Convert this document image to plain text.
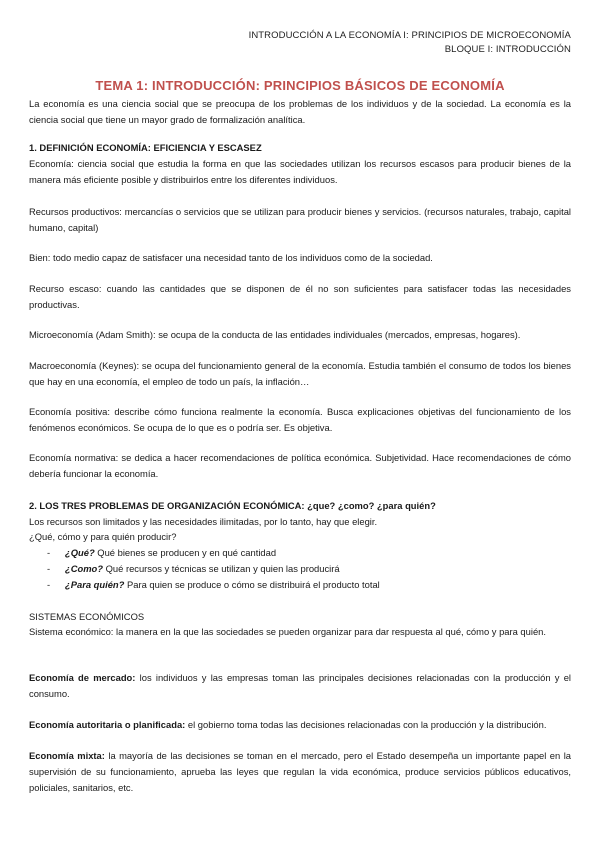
INTRODUCCIÓN A LA ECONOMÍA I: PRINCIPIOS DE MICROECONOMÍA
BLOQUE I: INTRODUCCIÓN
TEMA 1: INTRODUCCIÓN: PRINCIPIOS BÁSICOS DE ECONOMÍA

La economía es una ciencia social que se preocupa de los problemas de los individuos y de la sociedad. La economía es la ciencia social que tiene un mayor grado de formalización analítica.

1. DEFINICIÓN ECONOMÍA: EFICIENCIA Y ESCASEZ

Economía: ciencia social que estudia la forma en que las sociedades utilizan los recursos escasos para producir bienes de la manera más eficiente posible y distribuirlos entre los diferentes individuos.

Recursos productivos: mercancías o servicios que se utilizan para producir bienes y servicios. (recursos naturales, trabajo, capital humano, capital)

Bien: todo medio capaz de satisfacer una necesidad tanto de los individuos como de la sociedad.

Recurso escaso: cuando las cantidades que se disponen de él no son suficientes para satisfacer todas las necesidades productivas.

Microeconomía (Adam Smith): se ocupa de la conducta de las entidades individuales (mercados, empresas, hogares).

Macroeconomía (Keynes): se ocupa del funcionamiento general de la economía. Estudia también el consumo de todos los bienes que hay en una economía, el empleo de todo un país, la inflación…

Economía positiva: describe cómo funciona realmente la economía. Busca explicaciones objetivas del funcionamiento de los fenómenos económicos. Se ocupa de lo que es o podría ser. Es objetiva.

Economía normativa: se dedica a hacer recomendaciones de política económica. Subjetividad. Hace recomendaciones de cómo debería funcionar la economía.

2. LOS TRES PROBLEMAS DE ORGANIZACIÓN ECONÓMICA: ¿que? ¿como? ¿para quién?

Los recursos son limitados y las necesidades ilimitadas, por lo tanto, hay que elegir.

¿Qué, cómo y para quién producir?

- ¿Qué? Qué bienes se producen y en qué cantidad
- ¿Como? Qué recursos y técnicas se utilizan y quien las producirá
- ¿Para quién? Para quien se produce o cómo se distribuirá el producto total

SISTEMAS ECONÓMICOS

Sistema económico: la manera en la que las sociedades se pueden organizar para dar respuesta al qué, cómo y para quién.

Economía de mercado: los individuos y las empresas toman las principales decisiones relacionadas con la producción y el consumo.

Economía autoritaria o planificada: el gobierno toma todas las decisiones relacionadas con la producción y la distribución.

Economía mixta: la mayoría de las decisiones se toman en el mercado, pero el Estado desempeña un importante papel en la supervisión de su funcionamiento, aprueba las leyes que regulan la vida económica, produce servicios públicos educativos, policiales, sanitarios, etc.
